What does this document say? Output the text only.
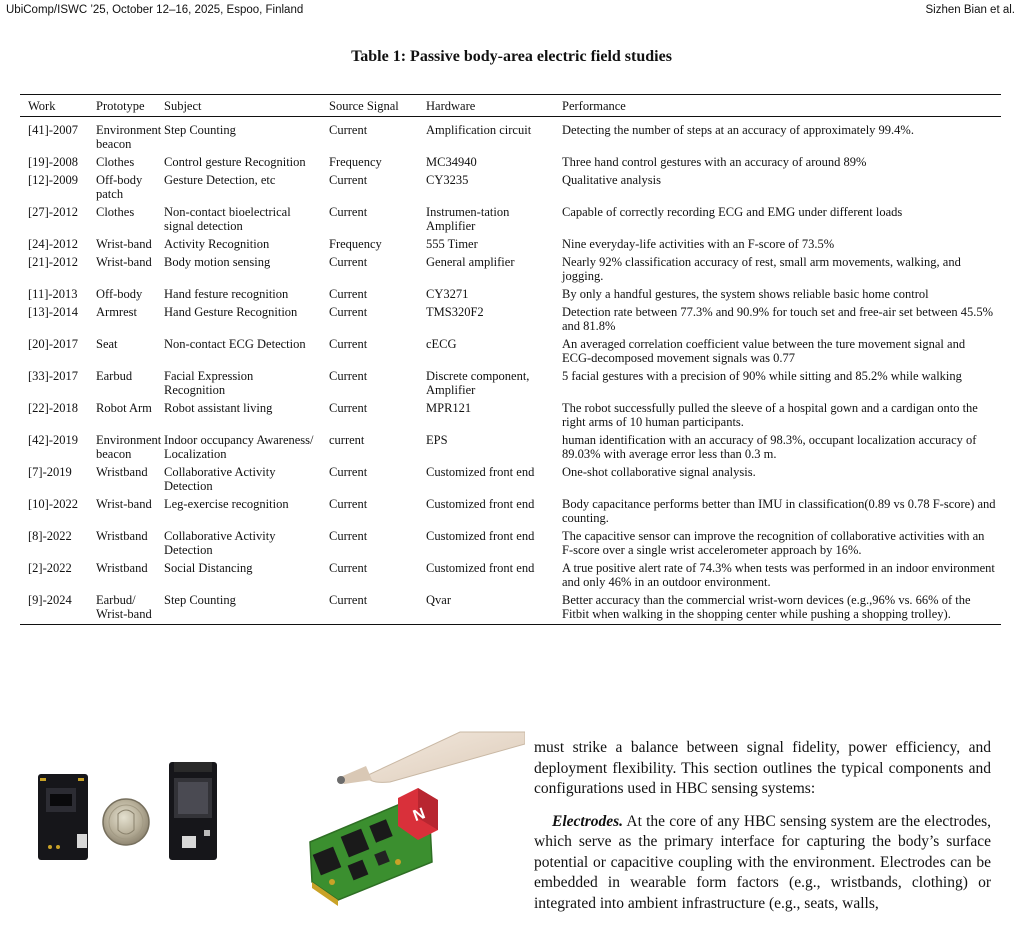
UbiComp/ISWC ’25, October 12–16, 2025, Espoo, Finland	Sizhen Bian et al.
Table 1: Passive body-area electric field studies
Work	Prototype	Subject	Source Signal	Hardware	Performance
[41]-2007	Environment beacon	Step Counting	Current	Amplification circuit	Detecting the number of steps at an accuracy of approximately 99.4%.
[19]-2008	Clothes	Control gesture Recognition	Frequency	MC34940	Three hand control gestures with an accuracy of around 89%
[12]-2009	Off-body patch	Gesture Detection, etc	Current	CY3235	Qualitative analysis
[27]-2012	Clothes	Non-contact bioelectrical signal detection	Current	Instrumen-tation Amplifier	Capable of correctly recording ECG and EMG under different loads
[24]-2012	Wrist-band	Activity Recognition	Frequency	555 Timer	Nine everyday-life activities with an F-score of 73.5%
[21]-2012	Wrist-band	Body motion sensing	Current	General amplifier	Nearly 92% classification accuracy of rest, small arm movements, walking, and jogging.
[11]-2013	Off-body	Hand festure recognition	Current	CY3271	By only a handful gestures, the system shows reliable basic home control
[13]-2014	Armrest	Hand Gesture Recognition	Current	TMS320F2	Detection rate between 77.3% and 90.9% for touch set and free-air set between 45.5% and 81.8%
[20]-2017	Seat	Non-contact ECG Detection	Current	cECG	An averaged correlation coefficient value between the ture movement signal and ECG-decomposed movement signals was 0.77
[33]-2017	Earbud	Facial Expression Recognition	Current	Discrete component, Amplifier	5 facial gestures with a precision of 90% while sitting and 85.2% while walking
[22]-2018	Robot Arm	Robot assistant living	Current	MPR121	The robot successfully pulled the sleeve of a hospital gown and a cardigan onto the right arms of 10 human participants.
[42]-2019	Environment beacon	Indoor occupancy Awareness/ Localization	current	EPS	human identification with an accuracy of 98.3%, occupant localization accuracy of 89.03% with average error less than 0.3 m.
[7]-2019	Wristband	Collaborative Activity Detection	Current	Customized front end	One-shot collaborative signal analysis.
[10]-2022	Wrist-band	Leg-exercise recognition	Current	Customized front end	Body capacitance performs better than IMU in classification(0.89 vs 0.78 F-score) and counting.
[8]-2022	Wristband	Collaborative Activity Detection	Current	Customized front end	The capacitive sensor can improve the recognition of collaborative activities with an F-score over a single wrist accelerometer approach by 16%.
[2]-2022	Wristband	Social Distancing	Current	Customized front end	A true positive alert rate of 74.3% when tests was performed in an indoor environment and only 46% in an outdoor environment.
[9]-2024	Earbud/ Wrist-band	Step Counting	Current	Qvar	Better accuracy than the commercial wrist-worn devices (e.g.,96% vs. 66% of the Fitbit when walking in the shopping center while pushing a shopping trolley).
N

must strike a balance between signal fidelity, power efficiency, and deployment flexibility. This section outlines the typical components and configurations used in HBC sensing systems:

Electrodes. At the core of any HBC sensing system are the electrodes, which serve as the primary interface for capturing the body’s surface potential or capacitive coupling with the environment. Electrodes can be embedded in wearable form factors (e.g., wristbands, clothing) or integrated into ambient infrastructure (e.g., seats, walls,
